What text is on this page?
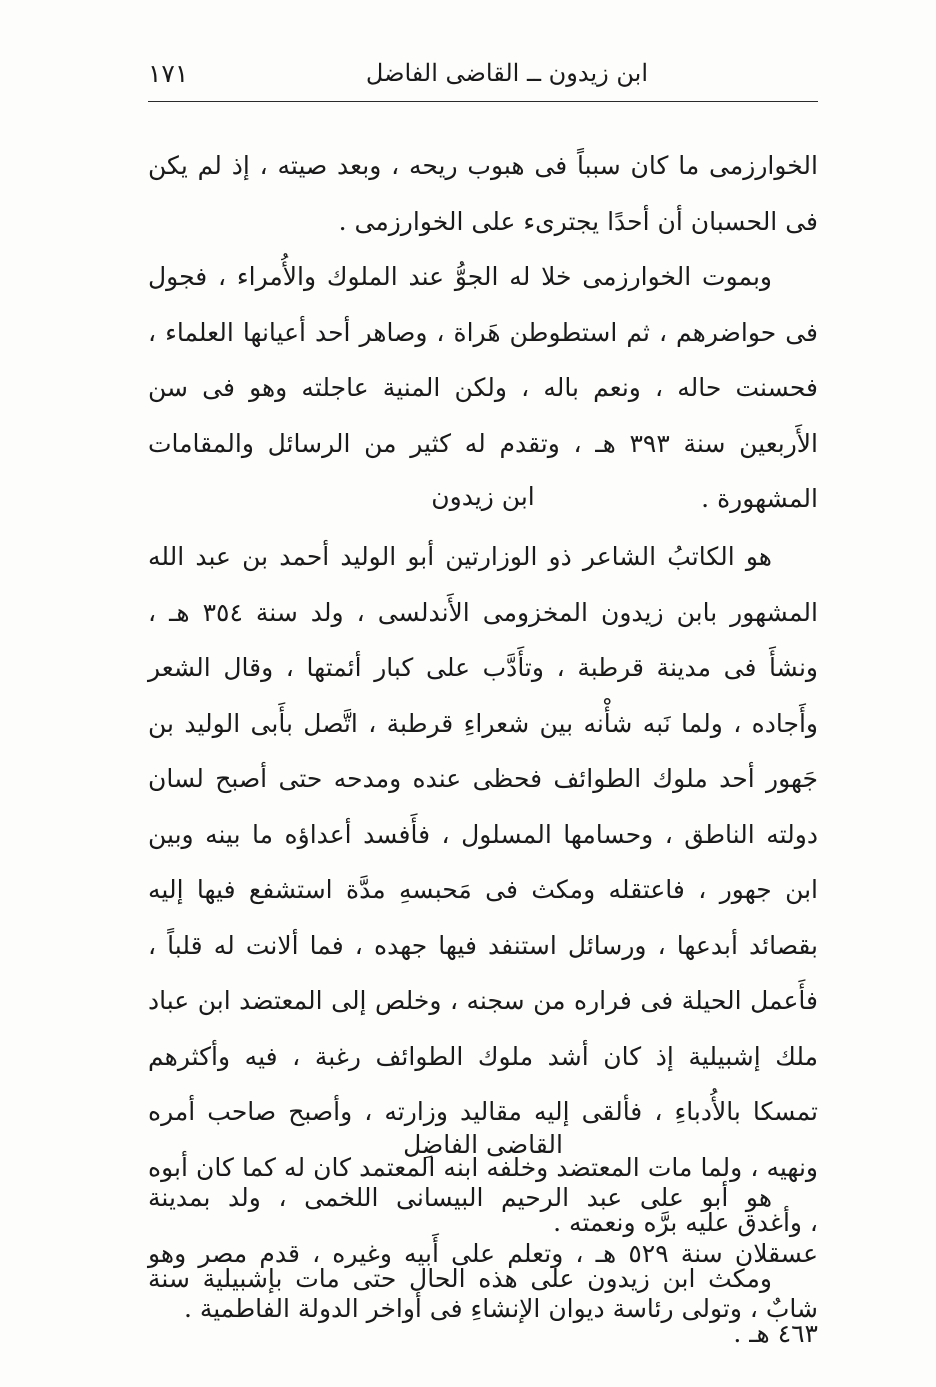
ابن زيدون ــ القاضى الفاضل
١٧١

الخوارزمى ما كان سبباً فى هبوب ريحه ، وبعد صيته ، إذ لم يكن فى الحسبان أن أحدًا يجترىء على الخوارزمى .

وبموت الخوارزمى خلا له الجوُّ عند الملوك والأُمراء ، فجول فى حواضرهم ، ثم استطوطن هَراة ، وصاهر أحد أعيانها العلماء ، فحسنت حاله ، ونعم باله ، ولكن المنية عاجلته وهو فى سن الأَربعين سنة ٣٩٣ هـ ، وتقدم له كثير من الرسائل والمقامات المشهورة .

ابن زيدون

هو الكاتبُ الشاعر ذو الوزارتين أبو الوليد أحمد بن عبد الله المشهور بابن زيدون المخزومى الأَندلسى ، ولد سنة ٣٥٤ هـ ، ونشأَ فى مدينة قرطبة ، وتأَدَّب على كبار أئمتها ، وقال الشعر وأَجاده ، ولما نَبه شأْنه بين شعراءِ قرطبة ، اتَّصل بأَبى الوليد بن جَهور أحد ملوك الطوائف فحظى عنده ومدحه حتى أصبح لسان دولته الناطق ، وحسامها المسلول ، فأَفسد أعداؤه ما بينه وبين ابن جهور ، فاعتقله ومكث فى مَحبسهِ مدَّة استشفع فيها إليه بقصائد أبدعها ، ورسائل استنفد فيها جهده ، فما ألانت له قلباً ، فأَعمل الحيلة فى فراره من سجنه ، وخلص إلى المعتضد ابن عباد ملك إشبيلية إذ كان أشد ملوك الطوائف رغبة ، فيه وأكثرهم تمسكا بالأُدباءِ ، فألقى إليه مقاليد وزارته ، وأصبح صاحب أمره ونهيه ، ولما مات المعتضد وخلفه ابنه المعتمد كان له كما كان أبوه ، وأغدق عليه برَّه ونعمته .

ومكث ابن زيدون على هذه الحال حتى مات بإشبيلية سنة ٤٦٣ هـ .

القاضى الفاضِل

هو أبو على عبد الرحيم البيسانى اللخمى ، ولد بمدينة عسقلان سنة ٥٢٩ هـ ، وتعلم على أَبيه وغيره ، قدم مصر وهو شابٌ ، وتولى رئاسة ديوان الإنشاءِ فى أواخر الدولة الفاطمية .
